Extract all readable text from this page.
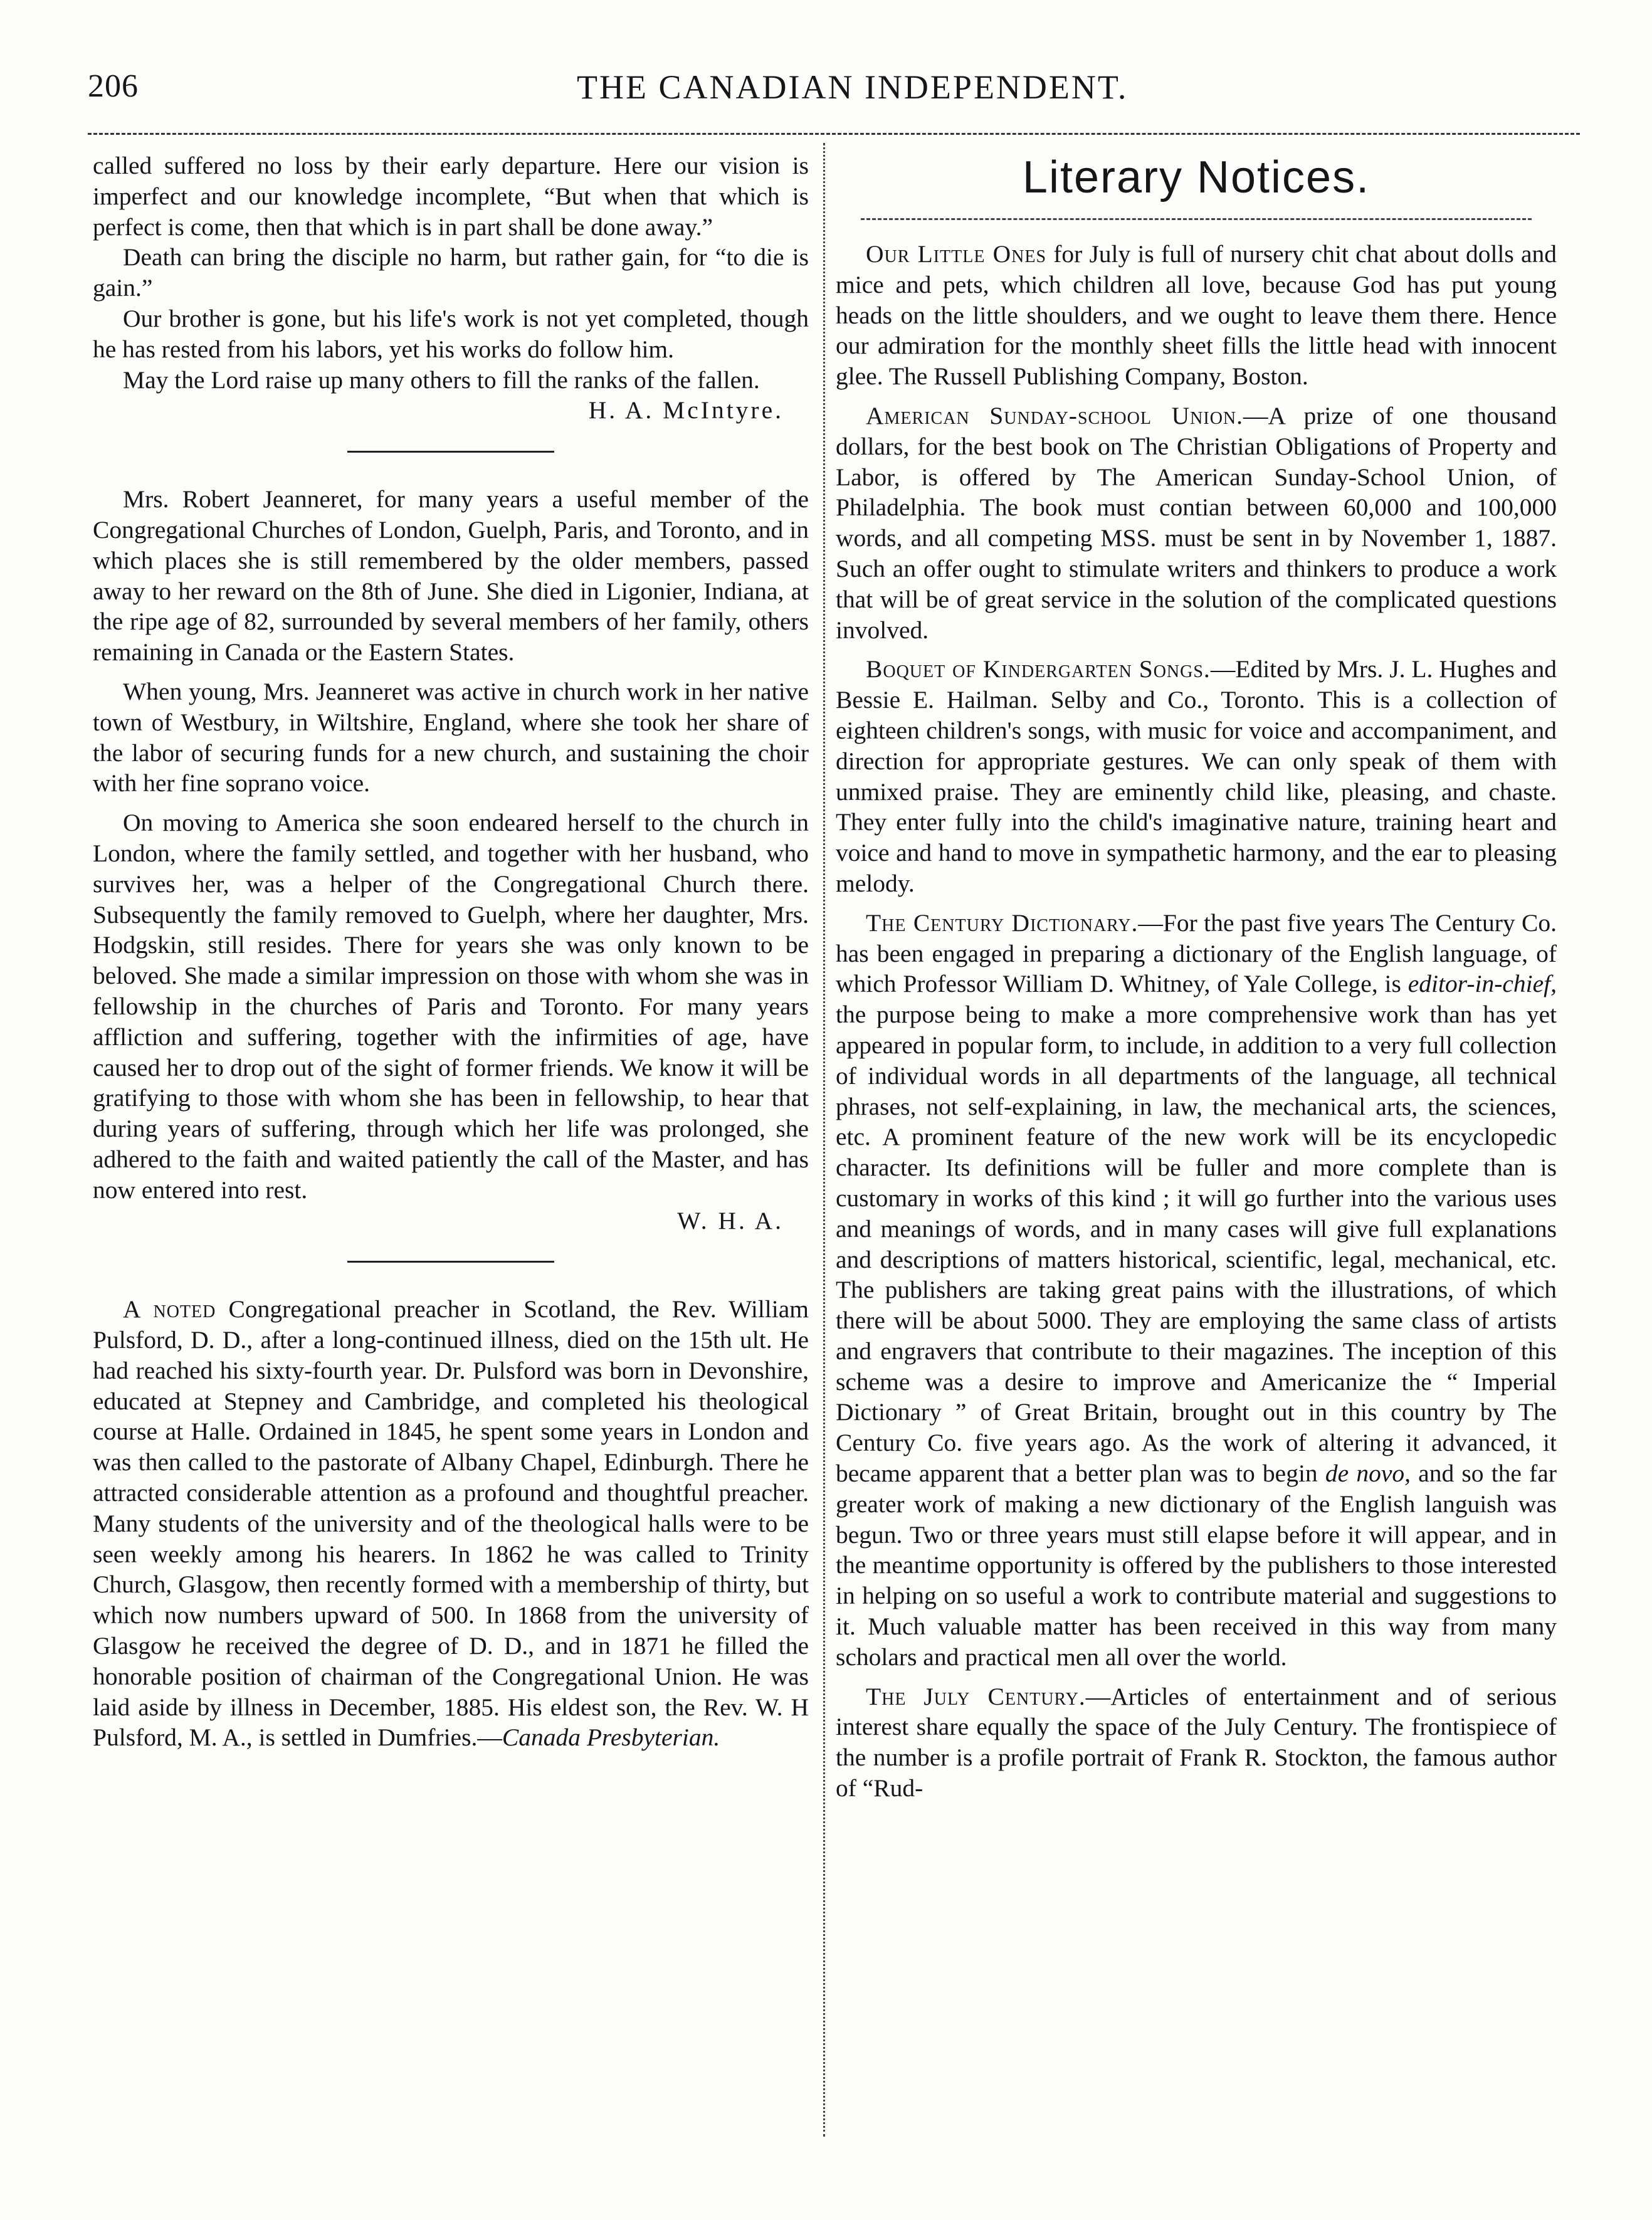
206	THE CANADIAN INDEPENDENT.

called suffered no loss by their early departure. Here our vision is imperfect and our knowledge incomplete, “But when that which is perfect is come, then that which is in part shall be done away.”

Death can bring the disciple no harm, but rather gain, for “to die is gain.”

Our brother is gone, but his life's work is not yet completed, though he has rested from his labors, yet his works do follow him.

May the Lord raise up many others to fill the ranks of the fallen.

H. A. McIntyre.

Mrs. Robert Jeanneret, for many years a useful member of the Congregational Churches of London, Guelph, Paris, and Toronto, and in which places she is still remembered by the older members, passed away to her reward on the 8th of June. She died in Ligonier, Indiana, at the ripe age of 82, surrounded by several members of her family, others remaining in Canada or the Eastern States.

When young, Mrs. Jeanneret was active in church work in her native town of Westbury, in Wiltshire, England, where she took her share of the labor of securing funds for a new church, and sustaining the choir with her fine soprano voice.

On moving to America she soon endeared herself to the church in London, where the family settled, and together with her husband, who survives her, was a helper of the Congregational Church there. Subsequently the family removed to Guelph, where her daughter, Mrs. Hodgskin, still resides. There for years she was only known to be beloved. She made a similar impression on those with whom she was in fellowship in the churches of Paris and Toronto. For many years affliction and suffering, together with the infirmities of age, have caused her to drop out of the sight of former friends. We know it will be gratifying to those with whom she has been in fellowship, to hear that during years of suffering, through which her life was prolonged, she adhered to the faith and waited patiently the call of the Master, and has now entered into rest.

W. H. A.

A noted Congregational preacher in Scotland, the Rev. William Pulsford, D. D., after a long-continued illness, died on the 15th ult. He had reached his sixty-fourth year. Dr. Pulsford was born in Devonshire, educated at Stepney and Cambridge, and completed his theological course at Halle. Ordained in 1845, he spent some years in London and was then called to the pastorate of Albany Chapel, Edinburgh. There he attracted considerable attention as a profound and thoughtful preacher. Many students of the university and of the theological halls were to be seen weekly among his hearers. In 1862 he was called to Trinity Church, Glasgow, then recently formed with a membership of thirty, but which now numbers upward of 500. In 1868 from the university of Glasgow he received the degree of D. D., and in 1871 he filled the honorable position of chairman of the Congregational Union. He was laid aside by illness in December, 1885. His eldest son, the Rev. W. H Pulsford, M. A., is settled in Dumfries.—Canada Presbyterian.

Literary Notices.

Our Little Ones for July is full of nursery chit chat about dolls and mice and pets, which children all love, because God has put young heads on the little shoulders, and we ought to leave them there. Hence our admiration for the monthly sheet fills the little head with innocent glee. The Russell Publishing Company, Boston.

American Sunday-school Union.—A prize of one thousand dollars, for the best book on The Christian Obligations of Property and Labor, is offered by The American Sunday-School Union, of Philadelphia. The book must contian between 60,000 and 100,000 words, and all competing MSS. must be sent in by November 1, 1887. Such an offer ought to stimulate writers and thinkers to produce a work that will be of great service in the solution of the complicated questions involved.

Boquet of Kindergarten Songs.—Edited by Mrs. J. L. Hughes and Bessie E. Hailman. Selby and Co., Toronto. This is a collection of eighteen children's songs, with music for voice and accompaniment, and direction for appropriate gestures. We can only speak of them with unmixed praise. They are eminently child like, pleasing, and chaste. They enter fully into the child's imaginative nature, training heart and voice and hand to move in sympathetic harmony, and the ear to pleasing melody.

The Century Dictionary.—For the past five years The Century Co. has been engaged in preparing a dictionary of the English language, of which Professor William D. Whitney, of Yale College, is editor-in-chief, the purpose being to make a more comprehensive work than has yet appeared in popular form, to include, in addition to a very full collection of individual words in all departments of the language, all technical phrases, not self-explaining, in law, the mechanical arts, the sciences, etc. A prominent feature of the new work will be its encyclopedic character. Its definitions will be fuller and more complete than is customary in works of this kind ; it will go further into the various uses and meanings of words, and in many cases will give full explanations and descriptions of matters historical, scientific, legal, mechanical, etc. The publishers are taking great pains with the illustrations, of which there will be about 5000. They are employing the same class of artists and engravers that contribute to their magazines. The inception of this scheme was a desire to improve and Americanize the “ Imperial Dictionary ” of Great Britain, brought out in this country by The Century Co. five years ago. As the work of altering it advanced, it became apparent that a better plan was to begin de novo, and so the far greater work of making a new dictionary of the English languish was begun. Two or three years must still elapse before it will appear, and in the meantime opportunity is offered by the publishers to those interested in helping on so useful a work to contribute material and suggestions to it. Much valuable matter has been received in this way from many scholars and practical men all over the world.

The July Century.—Articles of entertainment and of serious interest share equally the space of the July Century. The frontispiece of the number is a profile portrait of Frank R. Stockton, the famous author of “Rud-
